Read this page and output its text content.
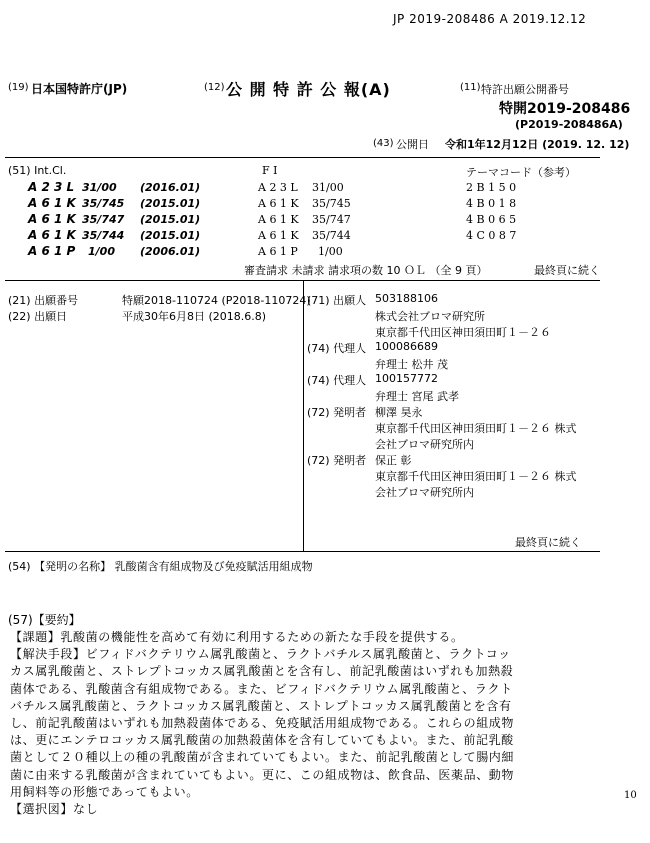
JP 2019-208486 A 2019.12.12
(19) 日本国特許庁(JP)	(12) 公 開 特 許 公 報(A)	(11) 特許出願公開番号
特開2019-208486
(P2019-208486A)
(43) 公開日 令和1年12月12日 (2019. 12. 12)
(51) Int.Cl.	F I	テーマコード（参考）
A 2 3 L 31/00 (2016.01)	A 2 3 L 31/00	2 B 1 5 0
A 6 1 K 35/745 (2015.01)	A 6 1 K 35/745	4 B 0 1 8
A 6 1 K 35/747 (2015.01)	A 6 1 K 35/747	4 B 0 6 5
A 6 1 K 35/744 (2015.01)	A 6 1 K 35/744	4 C 0 8 7
A 6 1 P 1/00 (2006.01)	A 6 1 P 1/00
審査請求 未請求 請求項の数 10 ＯＬ （全 9 頁）	最終頁に続く
(21) 出願番号	特願2018-110724 (P2018-110724)
(22) 出願日	平成30年6月8日 (2018.6.8)
(71) 出願人 503188106
株式会社ブロマ研究所
東京都千代田区神田須田町１－２６
(74) 代理人 100086689
弁理士 松井 茂
(74) 代理人 100157772
弁理士 宮尾 武孝
(72) 発明者 柳澤 昊永
東京都千代田区神田須田町１－２６ 株式
会社ブロマ研究所内
(72) 発明者 保正 彰
東京都千代田区神田須田町１－２６ 株式
会社ブロマ研究所内
最終頁に続く
(54) 【発明の名称】 乳酸菌含有組成物及び免疫賦活用組成物
(57)【要約】
【課題】乳酸菌の機能性を高めて有効に利用するための新たな手段を提供する。
【解決手段】ビフィドバクテリウム属乳酸菌と、ラクトバチルス属乳酸菌と、ラクトコッ
カス属乳酸菌と、ストレプトコッカス属乳酸菌とを含有し、前記乳酸菌はいずれも加熱殺
菌体である、乳酸菌含有組成物である。また、ビフィドバクテリウム属乳酸菌と、ラクト
バチルス属乳酸菌と、ラクトコッカス属乳酸菌と、ストレプトコッカス属乳酸菌とを含有
し、前記乳酸菌はいずれも加熱殺菌体である、免疫賦活用組成物である。これらの組成物
は、更にエンテロコッカス属乳酸菌の加熱殺菌体を含有していてもよい。また、前記乳酸
菌として２０種以上の種の乳酸菌が含まれていてもよい。また、前記乳酸菌として腸内細
菌に由来する乳酸菌が含まれていてもよい。更に、この組成物は、飲食品、医薬品、動物
用飼料等の形態であってもよい。
【選択図】なし
10
